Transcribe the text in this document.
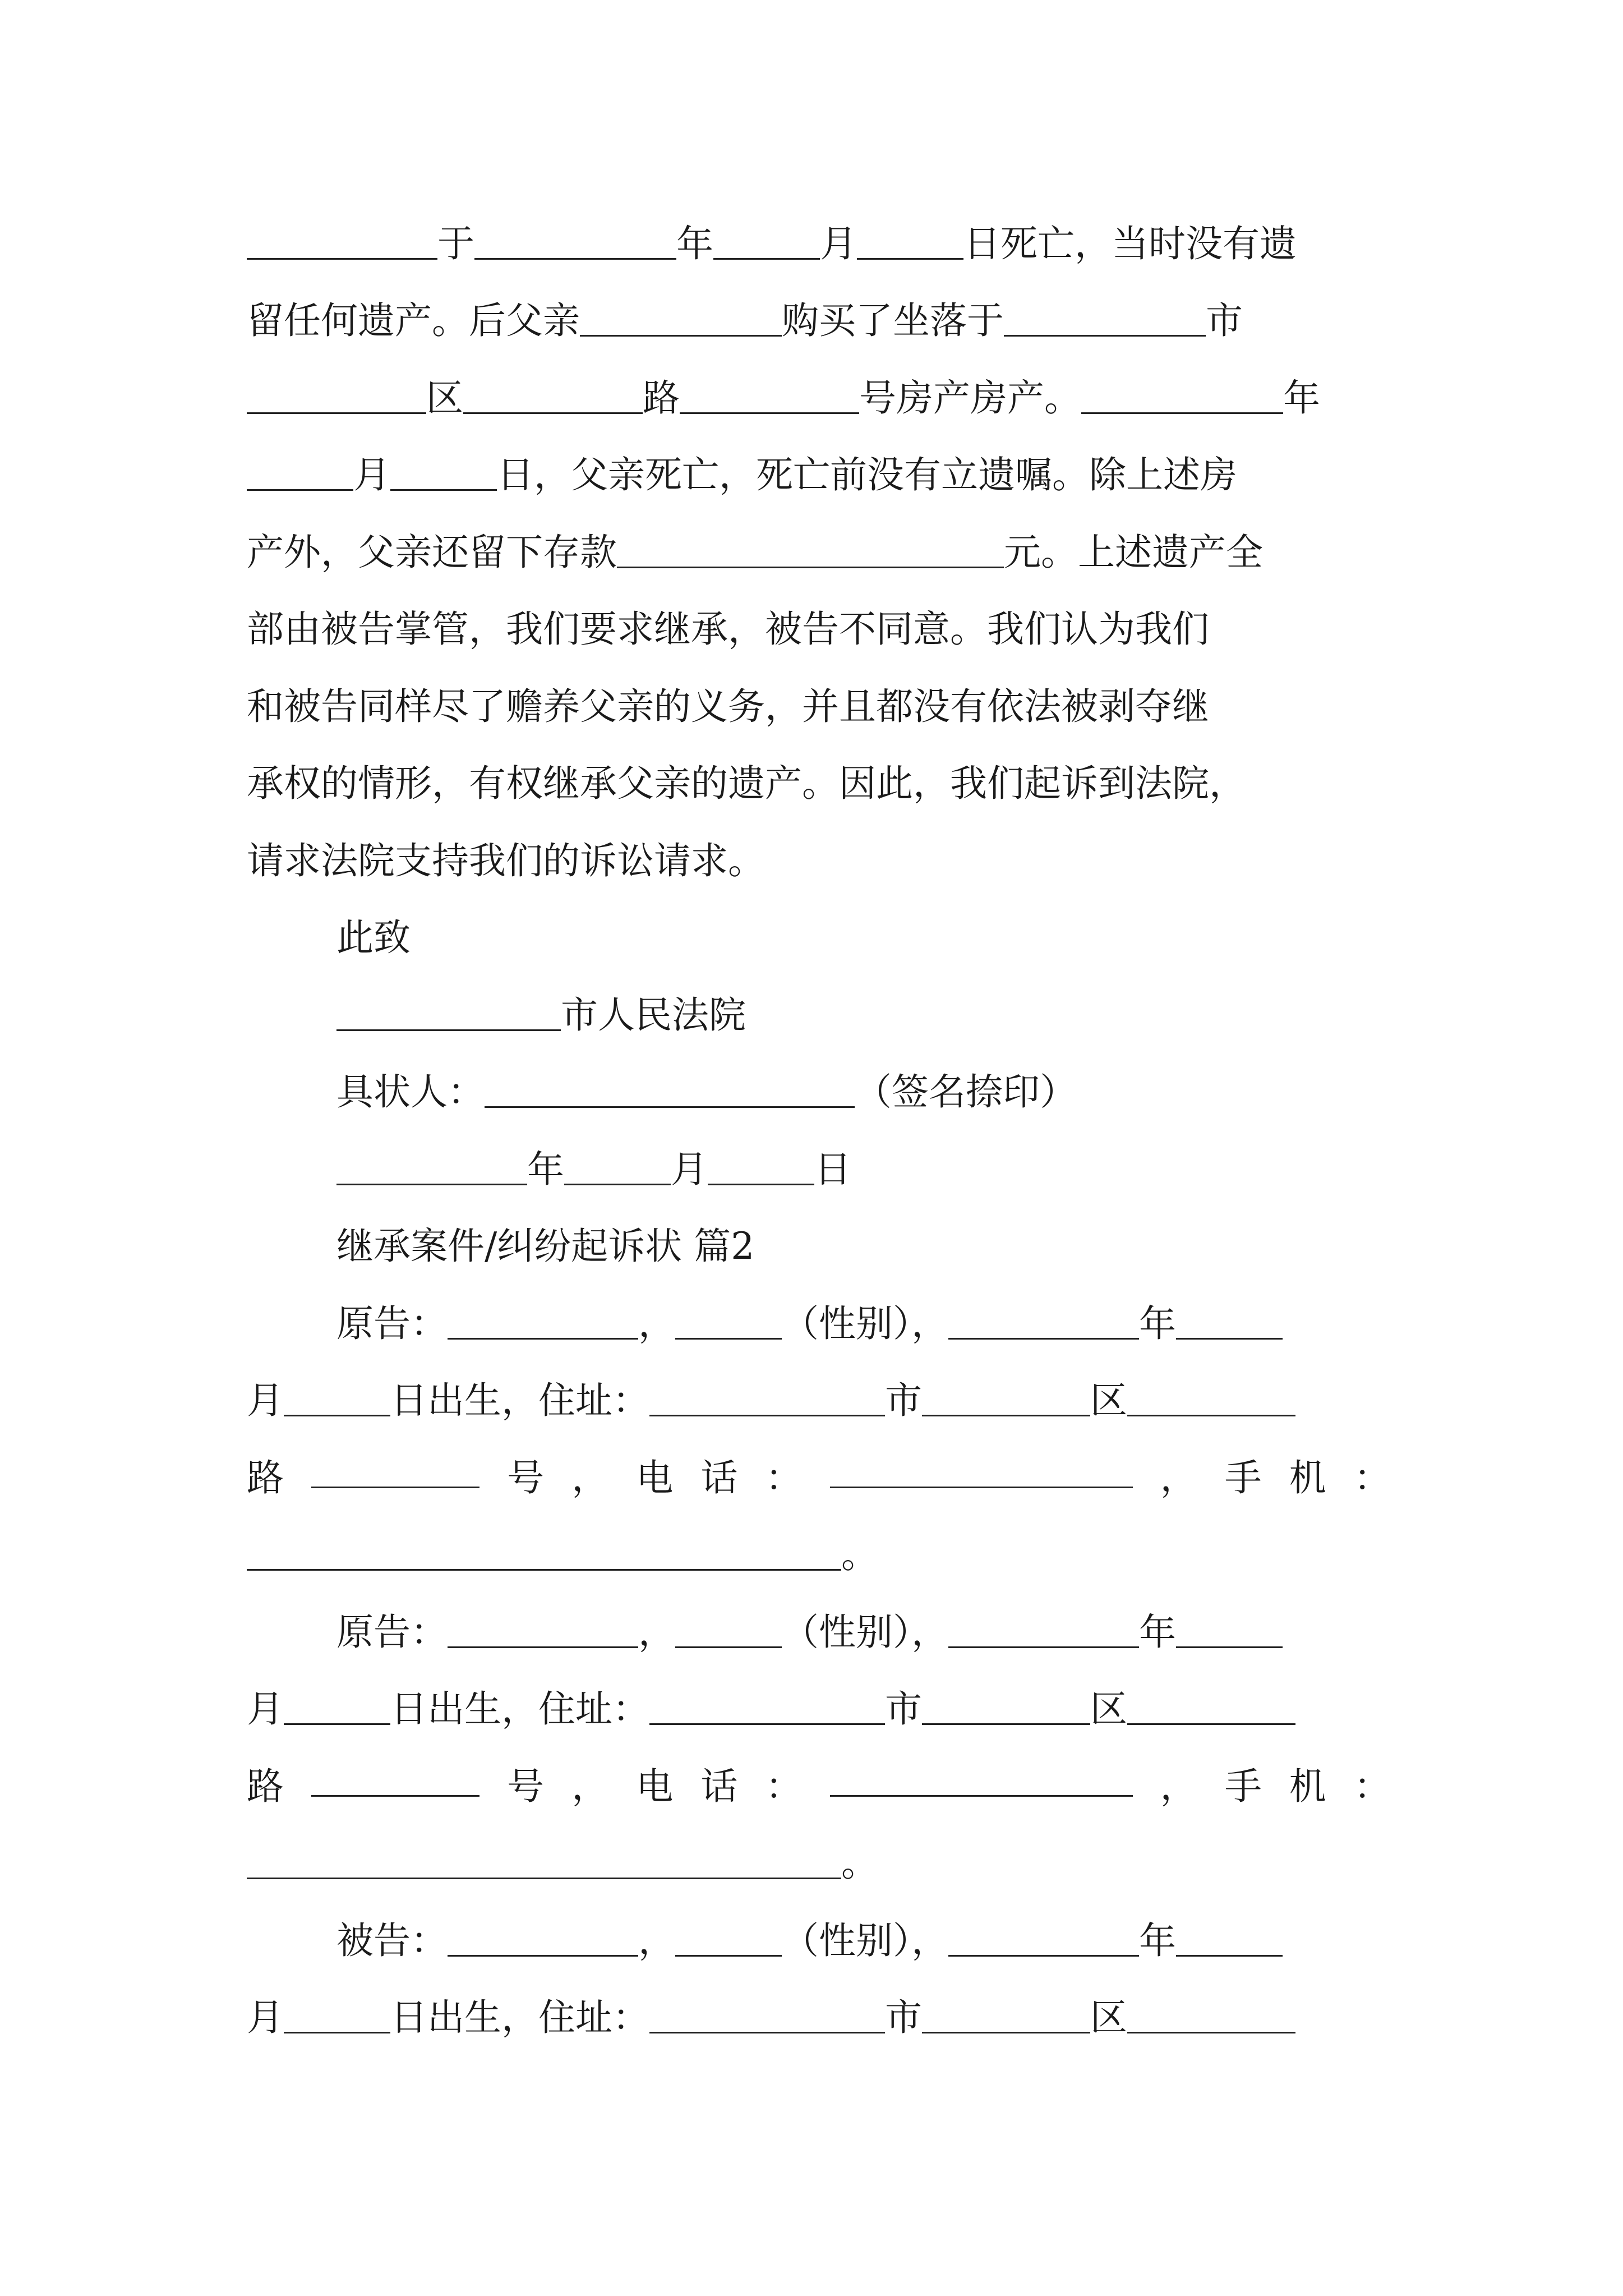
于	年	月	日死亡，当时没有遗
留任何遗产。后父亲	购买了坐落于	市
区	路	号房产房产。	年
月	日，父亲死亡，死亡前没有立遗嘱。除上述房
产外，父亲还留下存款	元。上述遗产全
部由被告掌管，我们要求继承，被告不同意。我们认为我们
和被告同样尽了赡养父亲的义务，并且都没有依法被剥夺继
承权的情形，有权继承父亲的遗产。因此，我们起诉到法院，
请求法院支持我们的诉讼请求。
此致
市人民法院
具状人：	（签名捺印）
年	月	日
继承案件/纠纷起诉状 篇2
原告：	，	（性别），	年
月	日出生，住址：	市	区
路	号 ， 电 话 ：	， 手 机 ：
。
原告：	，	（性别），	年
月	日出生，住址：	市	区
路	号 ， 电 话 ：	， 手 机 ：
。
被告：	，	（性别），	年
月	日出生，住址：	市	区
